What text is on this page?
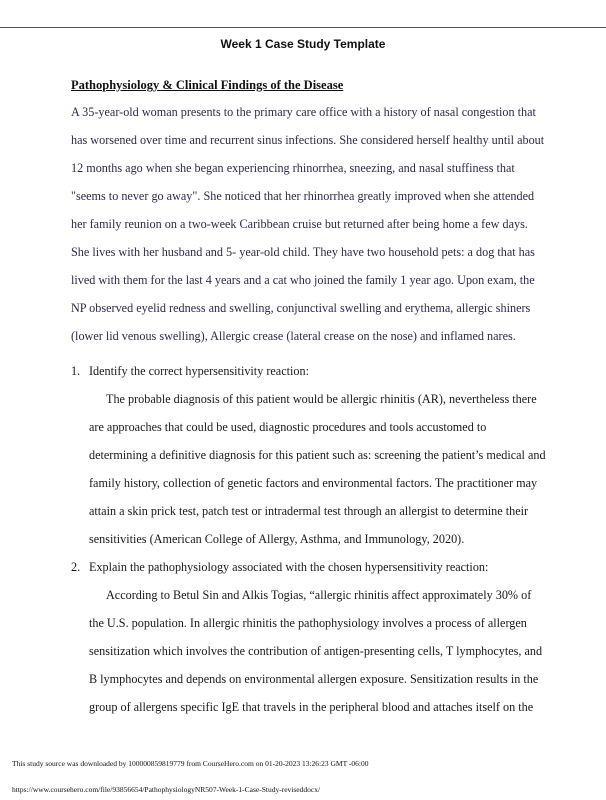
Week 1 Case Study Template
Pathophysiology & Clinical Findings of the Disease
A 35-year-old woman presents to the primary care office with a history of nasal congestion that
has worsened over time and recurrent sinus infections. She considered herself healthy until about
12 months ago when she began experiencing rhinorrhea, sneezing, and nasal stuffiness that
"seems to never go away". She noticed that her rhinorrhea greatly improved when she attended
her family reunion on a two-week Caribbean cruise but returned after being home a few days.
She lives with her husband and 5- year-old child. They have two household pets: a dog that has
lived with them for the last 4 years and a cat who joined the family 1 year ago. Upon exam, the
NP observed eyelid redness and swelling, conjunctival swelling and erythema, allergic shiners
(lower lid venous swelling), Allergic crease (lateral crease on the nose) and inflamed nares.
1. Identify the correct hypersensitivity reaction:
The probable diagnosis of this patient would be allergic rhinitis (AR), nevertheless there
are approaches that could be used, diagnostic procedures and tools accustomed to
determining a definitive diagnosis for this patient such as: screening the patient’s medical and
family history, collection of genetic factors and environmental factors. The practitioner may
attain a skin prick test, patch test or intradermal test through an allergist to determine their
sensitivities (American College of Allergy, Asthma, and Immunology, 2020).
2. Explain the pathophysiology associated with the chosen hypersensitivity reaction:
According to Betul Sin and Alkis Togias, “allergic rhinitis affect approximately 30% of
the U.S. population. In allergic rhinitis the pathophysiology involves a process of allergen
sensitization which involves the contribution of antigen-presenting cells, T lymphocytes, and
B lymphocytes and depends on environmental allergen exposure. Sensitization results in the
group of allergens specific IgE that travels in the peripheral blood and attaches itself on the
This study source was downloaded by 100000859819779 from CourseHero.com on 01-20-2023 13:26:23 GMT -06:00
https://www.coursehero.com/file/93856654/PathophysiologyNR507-Week-1-Case-Study-reviseddocx/
